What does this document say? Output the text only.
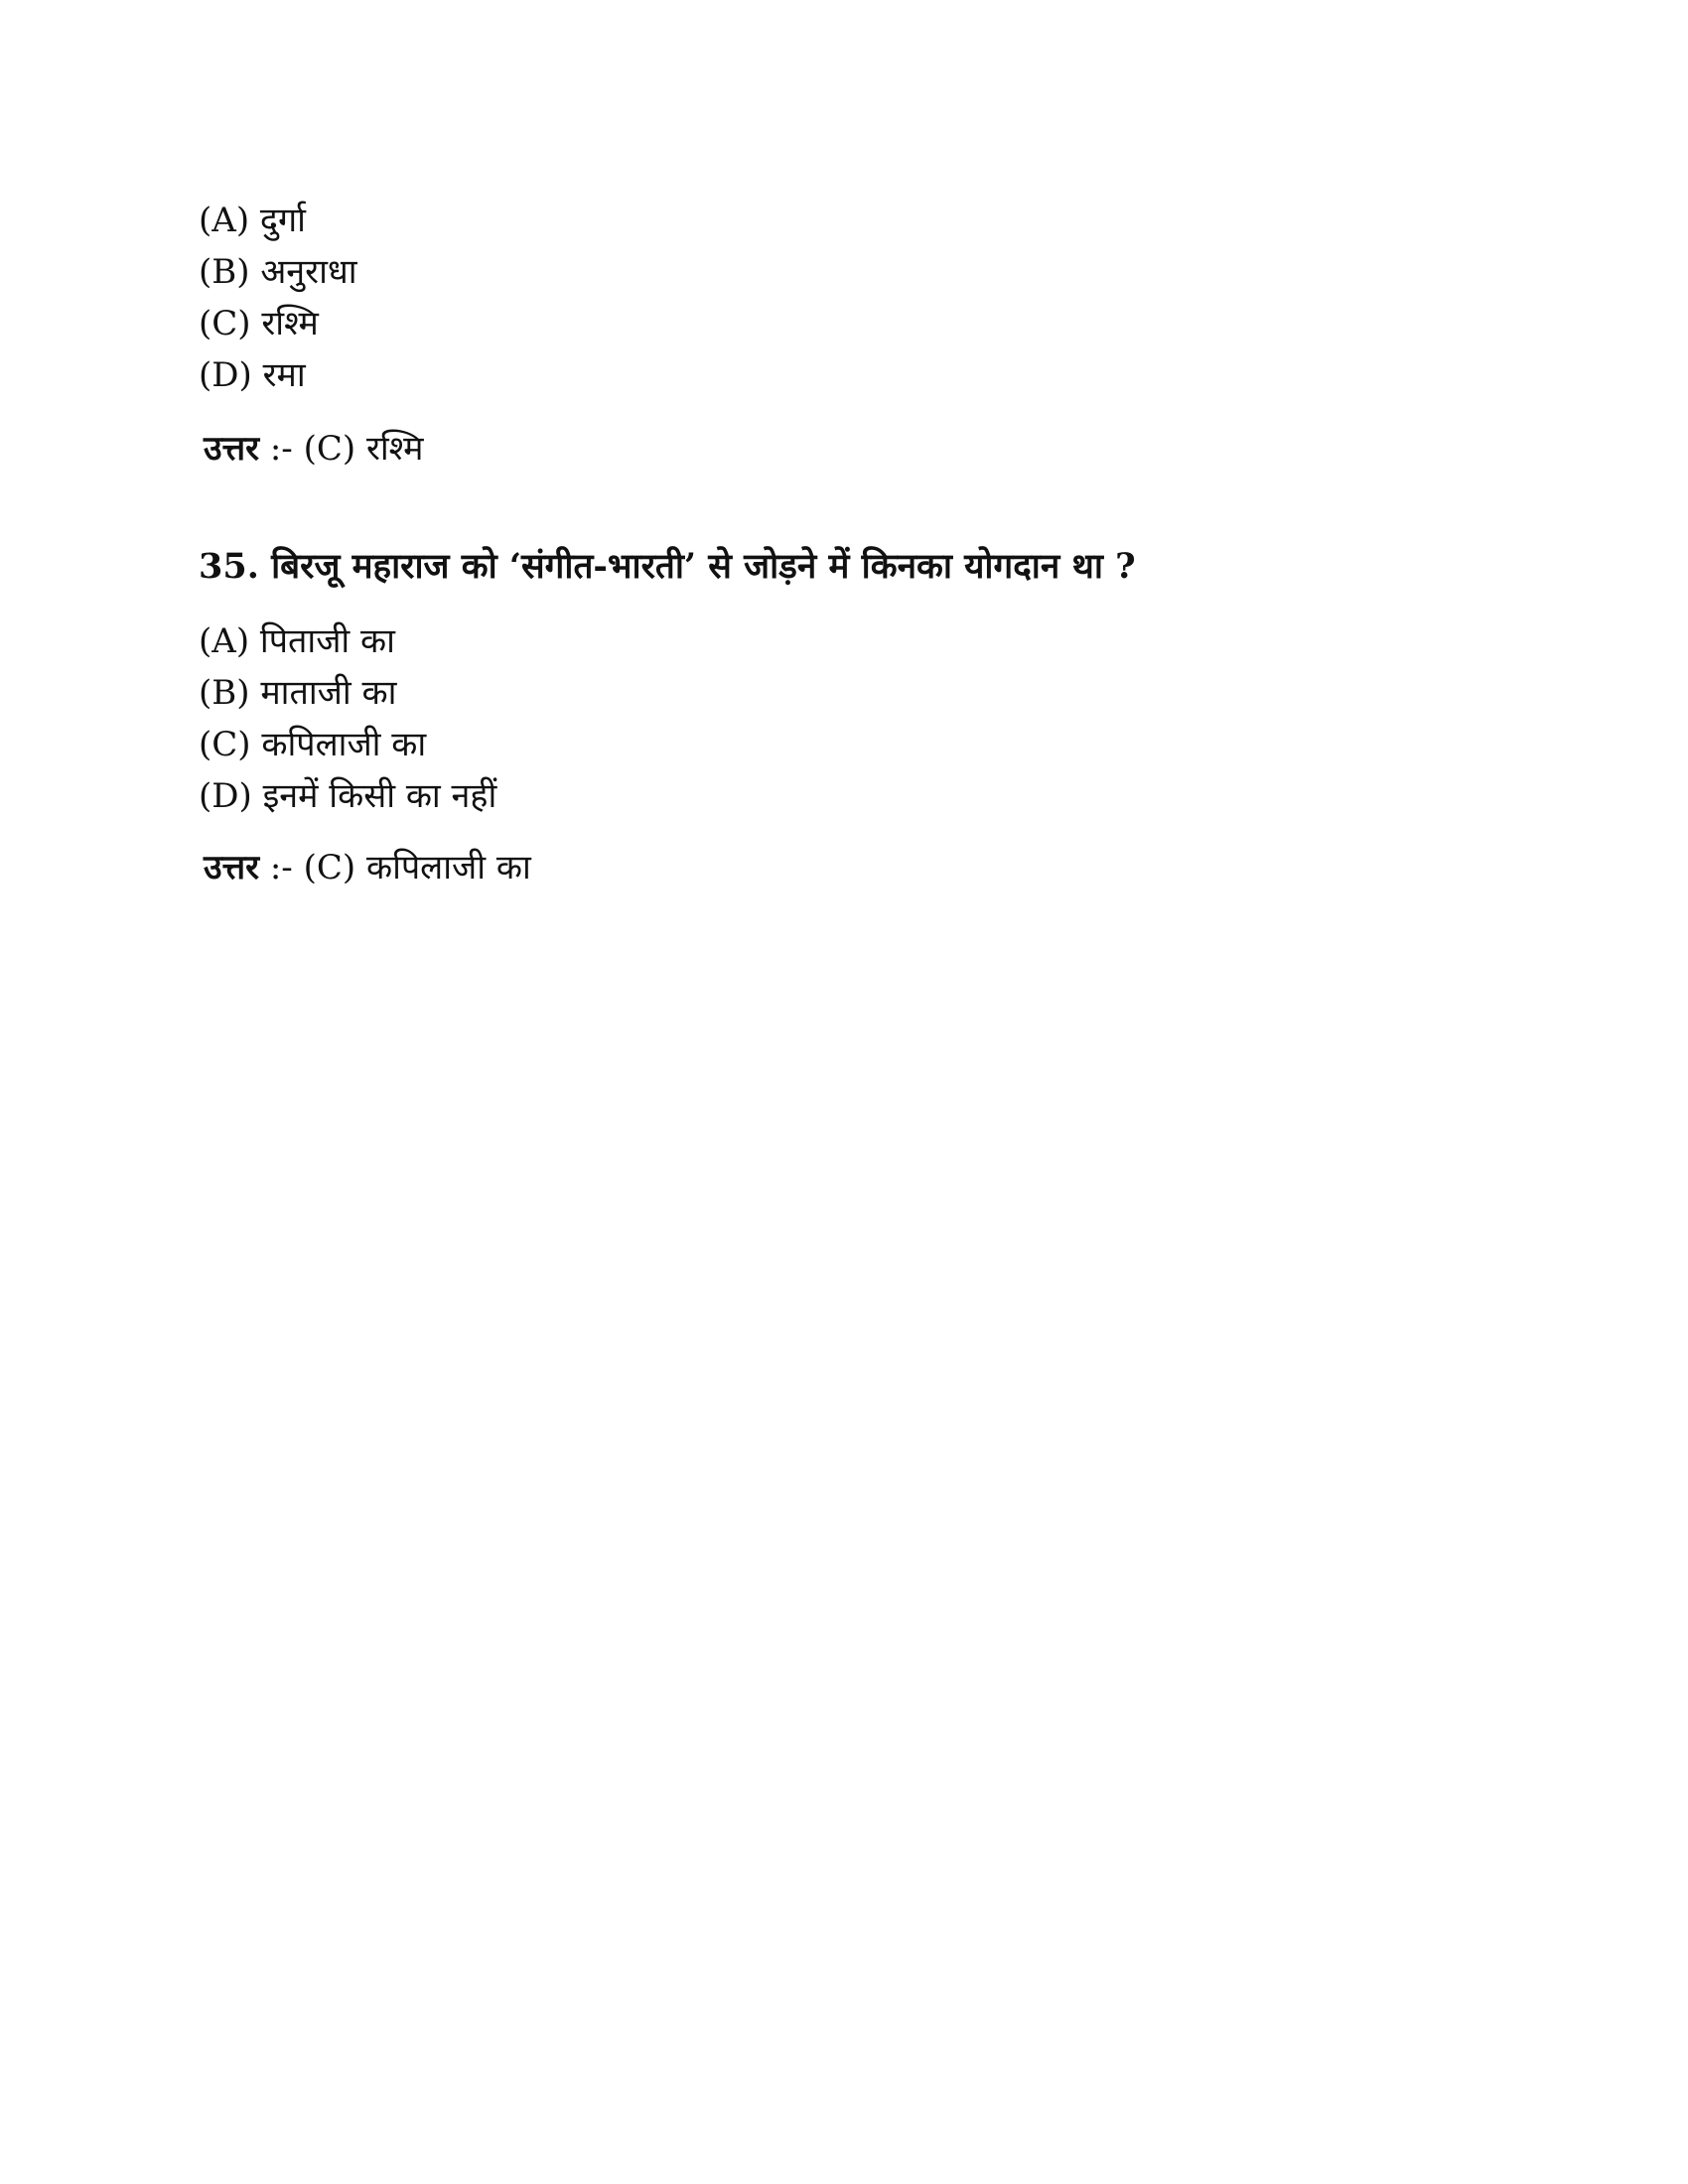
(A) दुर्गा
(B) अनुराधा
(C) रश्मि
(D) रमा
उत्तर :- (C) रश्मि
35. बिरजू महाराज को ‘संगीत-भारती’ से जोड़ने में किनका योगदान था ?
(A) पिताजी का
(B) माताजी का
(C) कपिलाजी का
(D) इनमें किसी का नहीं
उत्तर :- (C) कपिलाजी का
